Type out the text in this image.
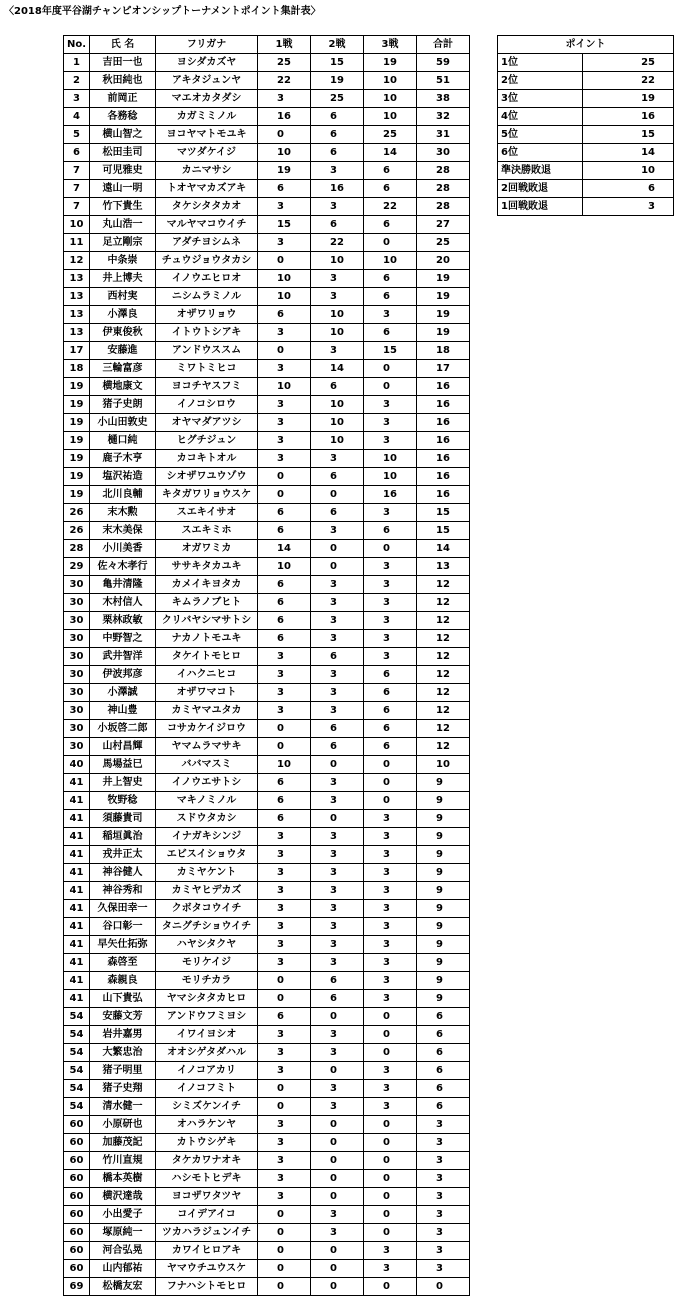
〈2018年度平谷湖チャンピオンシップトーナメントポイント集計表〉
No.	氏 名	フリガナ	1戦	2戦	3戦	合計
1	吉田一也	ヨシダカズヤ	25	15	19	59
2	秋田純也	アキタジュンヤ	22	19	10	51
3	前岡正	マエオカタダシ	3	25	10	38
4	各務稔	カガミミノル	16	6	10	32
5	横山智之	ヨコヤマトモユキ	0	6	25	31
6	松田圭司	マツダケイジ	10	6	14	30
7	可児雅史	カニマサシ	19	3	6	28
7	遠山一明	トオヤマカズアキ	6	16	6	28
7	竹下貴生	タケシタタカオ	3	3	22	28
10	丸山浩一	マルヤマコウイチ	15	6	6	27
11	足立剛宗	アダチヨシムネ	3	22	0	25
12	中条崇	チュウジョウタカシ	0	10	10	20
13	井上博夫	イノウエヒロオ	10	3	6	19
13	西村実	ニシムラミノル	10	3	6	19
13	小澤良	オザワリョウ	6	10	3	19
13	伊東俊秋	イトウトシアキ	3	10	6	19
17	安藤進	アンドウススム	0	3	15	18
18	三輪富彦	ミワトミヒコ	3	14	0	17
19	横地康文	ヨコチヤスフミ	10	6	0	16
19	猪子史朗	イノコシロウ	3	10	3	16
19	小山田敦史	オヤマダアツシ	3	10	3	16
19	樋口純	ヒグチジュン	3	10	3	16
19	鹿子木亨	カコキトオル	3	3	10	16
19	塩沢祐造	シオザワユウゾウ	0	6	10	16
19	北川良輔	キタガワリョウスケ	0	0	16	16
26	末木勲	スエキイサオ	6	6	3	15
26	末木美保	スエキミホ	6	3	6	15
28	小川美香	オガワミカ	14	0	0	14
29	佐々木孝行	ササキタカユキ	10	0	3	13
30	亀井清隆	カメイキヨタカ	6	3	3	12
30	木村信人	キムラノブヒト	6	3	3	12
30	栗林政敏	クリバヤシマサトシ	6	3	3	12
30	中野智之	ナカノトモユキ	6	3	3	12
30	武井智洋	タケイトモヒロ	3	6	3	12
30	伊波邦彦	イハクニヒコ	3	3	6	12
30	小澤誠	オザワマコト	3	3	6	12
30	神山豊	カミヤマユタカ	3	3	6	12
30	小坂啓二郎	コサカケイジロウ	0	6	6	12
30	山村昌輝	ヤマムラマサキ	0	6	6	12
40	馬場益巳	ババマスミ	10	0	0	10
41	井上智史	イノウエサトシ	6	3	0	9
41	牧野稔	マキノミノル	6	3	0	9
41	須藤貴司	スドウタカシ	6	0	3	9
41	稲垣眞治	イナガキシンジ	3	3	3	9
41	戎井正太	エビスイショウタ	3	3	3	9
41	神谷健人	カミヤケント	3	3	3	9
41	神谷秀和	カミヤヒデカズ	3	3	3	9
41	久保田幸一	クボタコウイチ	3	3	3	9
41	谷口彰一	タニグチショウイチ	3	3	3	9
41	早矢仕拓弥	ハヤシタクヤ	3	3	3	9
41	森啓至	モリケイジ	3	3	3	9
41	森親良	モリチカラ	0	6	3	9
41	山下貴弘	ヤマシタタカヒロ	0	6	3	9
54	安藤文芳	アンドウフミヨシ	6	0	0	6
54	岩井嘉男	イワイヨシオ	3	3	0	6
54	大繁忠治	オオシゲタダハル	3	3	0	6
54	猪子明里	イノコアカリ	3	0	3	6
54	猪子史翔	イノコフミト	0	3	3	6
54	清水健一	シミズケンイチ	0	3	3	6
60	小原研也	オハラケンヤ	3	0	0	3
60	加藤茂記	カトウシゲキ	3	0	0	3
60	竹川直規	タケカワナオキ	3	0	0	3
60	橋本英樹	ハシモトヒデキ	3	0	0	3
60	横沢達哉	ヨコザワタツヤ	3	0	0	3
60	小出愛子	コイデアイコ	0	3	0	3
60	塚原純一	ツカハラジュンイチ	0	3	0	3
60	河合弘晃	カワイヒロアキ	0	0	3	3
60	山内郁祐	ヤマウチユウスケ	0	0	3	3
69	松橋友宏	フナハシトモヒロ	0	0	0	0
ポイント	
1位	25
2位	22
3位	19
4位	16
5位	15
6位	14
準決勝敗退	10
2回戦敗退	6
1回戦敗退	3
